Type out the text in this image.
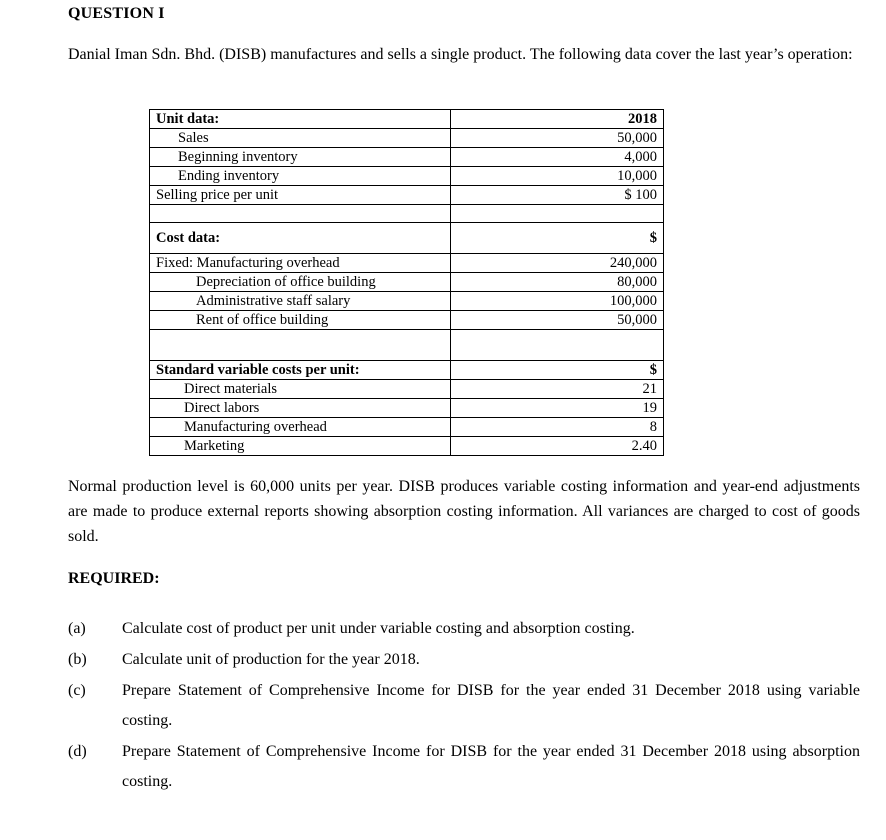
QUESTION I
Danial Iman Sdn. Bhd. (DISB) manufactures and sells a single product. The following data cover the last year’s operation:
Unit data:	2018
Sales	50,000
Beginning inventory	4,000
Ending inventory	10,000
Selling price per unit	$ 100

Cost data:	$
Fixed: Manufacturing overhead	240,000
Depreciation of office building	80,000
Administrative staff salary	100,000
Rent of office building	50,000

Standard variable costs per unit:	$
Direct materials	21
Direct labors	19
Manufacturing overhead	8
Marketing	2.40
Normal production level is 60,000 units per year. DISB produces variable costing information and year-end adjustments are made to produce external reports showing absorption costing information. All variances are charged to cost of goods sold.
REQUIRED:
(a) Calculate cost of product per unit under variable costing and absorption costing.
(b) Calculate unit of production for the year 2018.
(c) Prepare Statement of Comprehensive Income for DISB for the year ended 31 December 2018 using variable costing.
(d) Prepare Statement of Comprehensive Income for DISB for the year ended 31 December 2018 using absorption costing.
